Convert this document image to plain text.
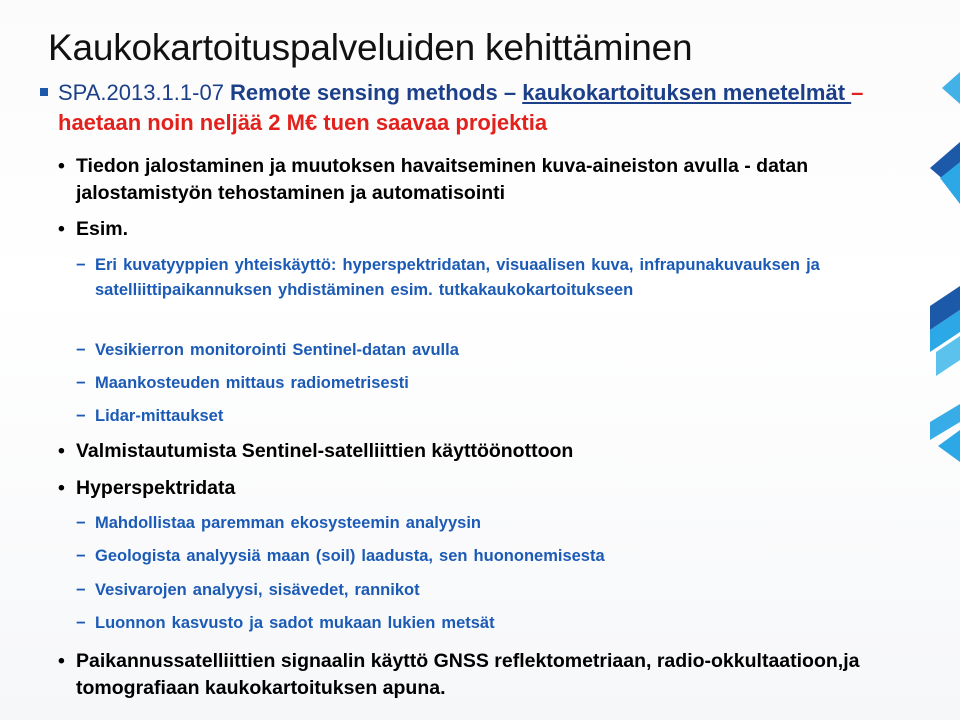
Kaukokartoituspalveluiden kehittäminen
SPA.2013.1.1-07 Remote sensing methods – kaukokartoituksen menetelmät – haetaan noin neljää 2 M€ tuen saavaa projektia
• Tiedon jalostaminen ja muutoksen havaitseminen kuva-aineiston avulla - datan jalostamistyön tehostaminen ja automatisointi
• Esim.
− Eri kuvatyyppien yhteiskäyttö: hyperspektridatan, visuaalisen kuva, infrapunakuvauksen ja satelliittipaikannuksen yhdistäminen esim. tutkakaukokartoitukseen
− Vesikierron monitorointi Sentinel-datan avulla
− Maankosteuden mittaus radiometrisesti
− Lidar-mittaukset
• Valmistautumista Sentinel-satelliittien käyttöönottoon
• Hyperspektridata
− Mahdollistaa paremman ekosysteemin analyysin
− Geologista analyysiä maan (soil) laadusta, sen huononemisesta
− Vesivarojen analyysi, sisävedet, rannikot
− Luonnon kasvusto ja sadot mukaan lukien metsät
• Paikannussatelliittien signaalin käyttö GNSS reflektometriaan, radio-okkultaatioon,ja tomografiaan kaukokartoituksen apuna.
